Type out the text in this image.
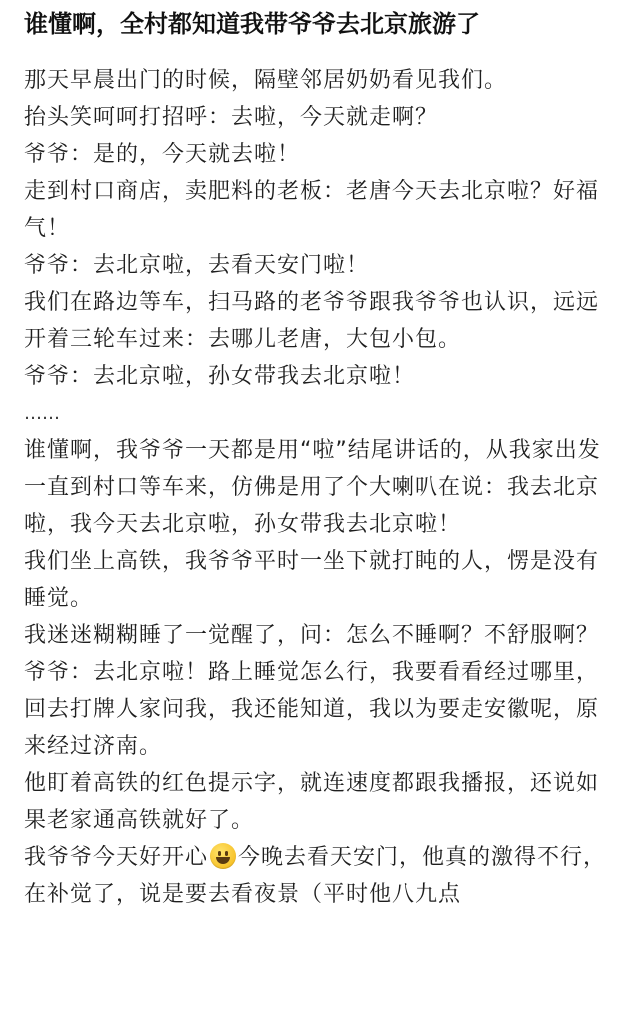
谁懂啊，全村都知道我带爷爷去北京旅游了

那天早晨出门的时候，隔壁邻居奶奶看见我们。

抬头笑呵呵打招呼：去啦，今天就走啊？

爷爷：是的，今天就去啦！

走到村口商店，卖肥料的老板：老唐今天去北京啦？好福气！

爷爷：去北京啦，去看天安门啦！

我们在路边等车，扫马路的老爷爷跟我爷爷也认识，远远开着三轮车过来：去哪儿老唐，大包小包。

爷爷：去北京啦，孙女带我去北京啦！

……

谁懂啊，我爷爷一天都是用“啦”结尾讲话的，从我家出发一直到村口等车来，仿佛是用了个大喇叭在说：我去北京啦，我今天去北京啦，孙女带我去北京啦！

我们坐上高铁，我爷爷平时一坐下就打盹的人，愣是没有睡觉。

我迷迷糊糊睡了一觉醒了，问：怎么不睡啊？不舒服啊？

爷爷：去北京啦！路上睡觉怎么行，我要看看经过哪里，回去打牌人家问我，我还能知道，我以为要走安徽呢，原来经过济南。

他盯着高铁的红色提示字，就连速度都跟我播报，还说如果老家通高铁就好了。

我爷爷今天好开心 今晚去看天安门，他真的激得不行，在补觉了，说是要去看夜景（平时他八九点
